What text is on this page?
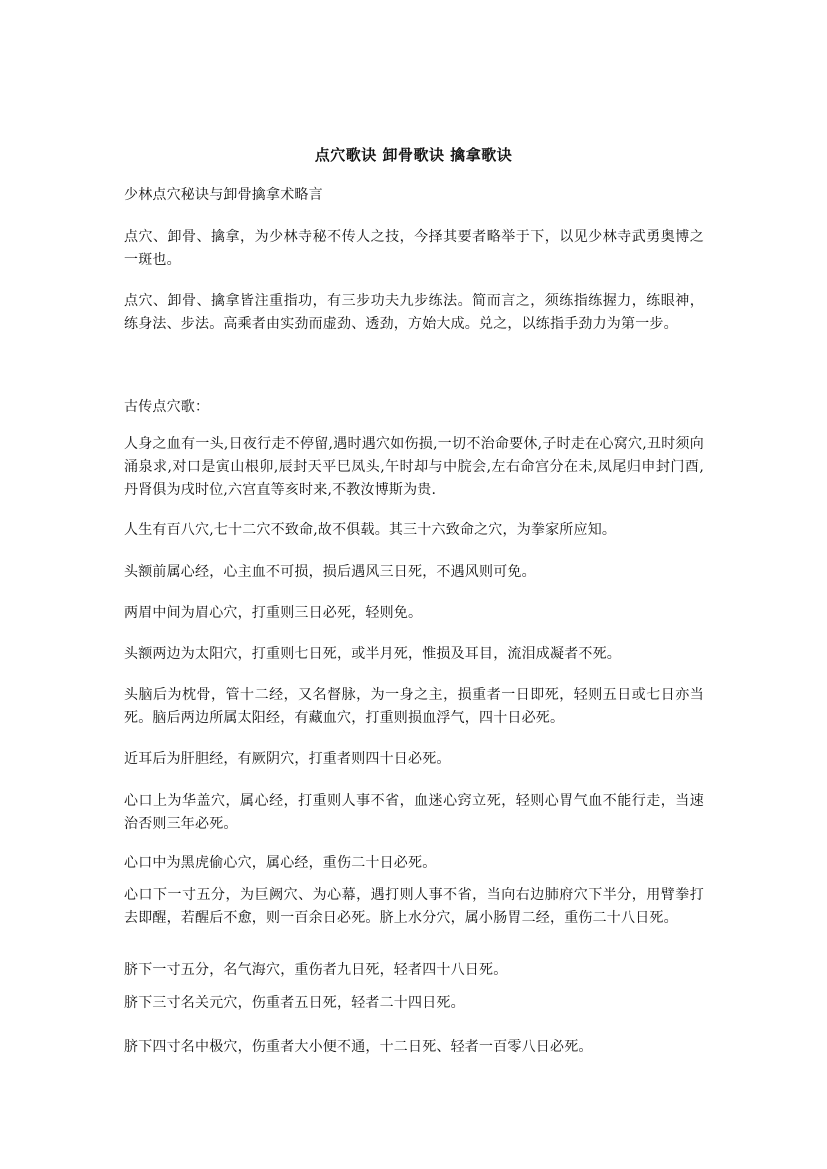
点穴歌诀 卸骨歌诀 擒拿歌诀

少林点穴秘诀与卸骨擒拿术略言

点穴、卸骨、擒拿，为少林寺秘不传人之技，今择其要者略举于下，以见少林寺武勇奥博之一斑也。

点穴、卸骨、擒拿皆注重指功，有三步功夫九步练法。简而言之，须练指练握力，练眼神，练身法、步法。高乘者由实劲而虚劲、透劲，方始大成。兑之，以练指手劲力为第一步。

古传点穴歌：

人身之血有一头,日夜行走不停留,遇时遇穴如伤损,一切不治命要休,子时走在心窝穴,丑时须向涌泉求,对口是寅山根卯,辰封天平巳凤头,午时却与中脘会,左右命宫分在未,凤尾归申封门酉,丹肾俱为戌时位,六宫直等亥时来,不教汝博斯为贵.

人生有百八穴,七十二穴不致命,故不俱载。其三十六致命之穴，为拳家所应知。

头额前属心经，心主血不可损，损后遇风三日死，不遇风则可免。

两眉中间为眉心穴，打重则三日必死，轻则免。

头额两边为太阳穴，打重则七日死，或半月死，惟损及耳目，流泪成凝者不死。

头脑后为枕骨，管十二经，又名督脉，为一身之主，损重者一日即死，轻则五日或七日亦当死。脑后两边所属太阳经，有藏血穴，打重则损血浮气，四十日必死。

近耳后为肝胆经，有厥阴穴，打重者则四十日必死。

心口上为华盖穴，属心经，打重则人事不省，血迷心窍立死，轻则心胃气血不能行走，当速治否则三年必死。

心口中为黑虎偷心穴，属心经，重伤二十日必死。

心口下一寸五分，为巨阙穴、为心幕，遇打则人事不省，当向右边肺府穴下半分，用臂拳打去即醒，若醒后不愈，则一百余日必死。脐上水分穴，属小肠胃二经，重伤二十八日死。

脐下一寸五分，名气海穴，重伤者九日死，轻者四十八日死。

脐下三寸名关元穴，伤重者五日死，轻者二十四日死。

脐下四寸名中极穴，伤重者大小便不通，十二日死、轻者一百零八日必死。
